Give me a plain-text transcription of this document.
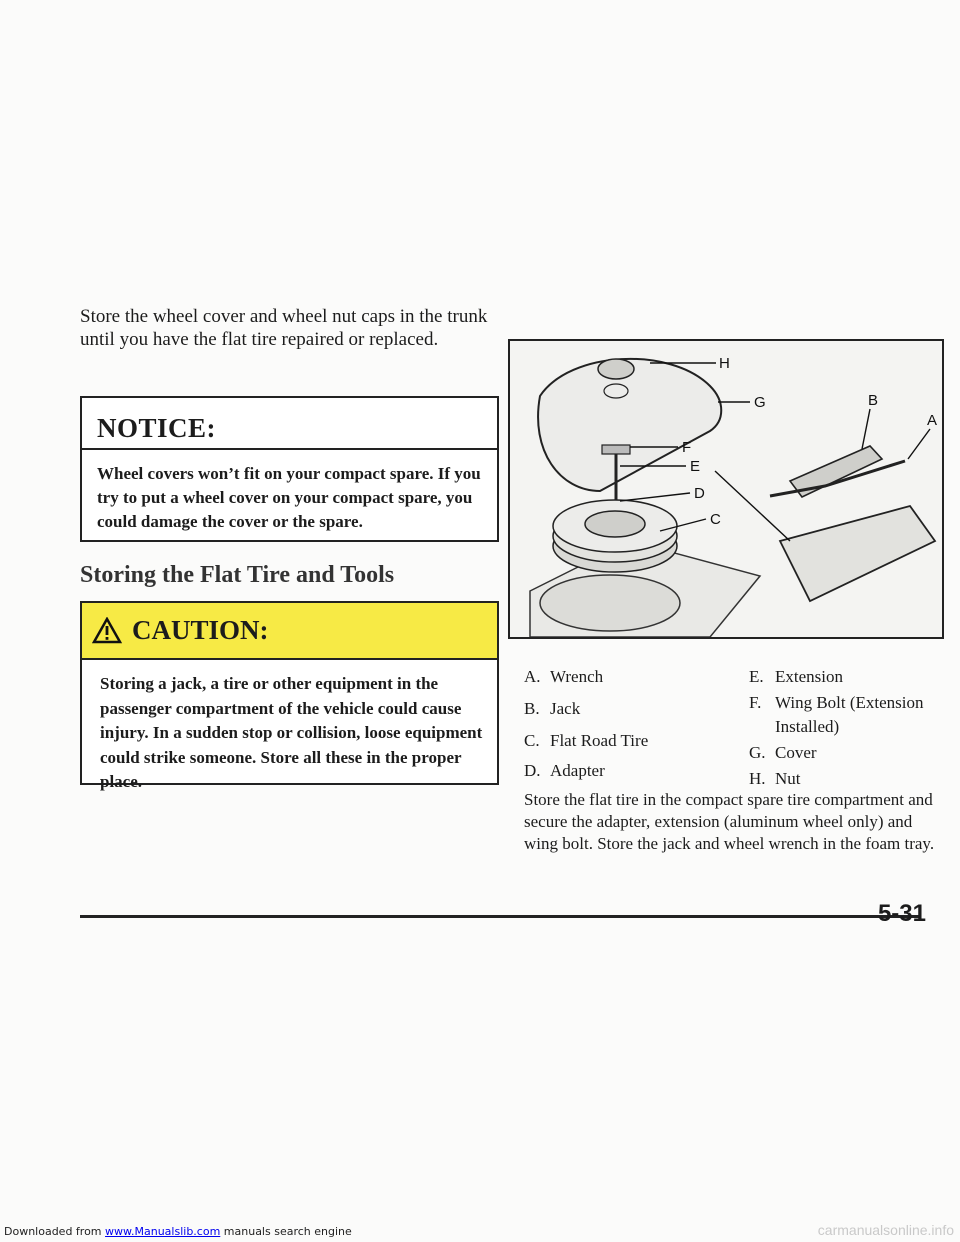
Store the wheel cover and wheel nut caps in the trunk until you have the flat tire repaired or replaced.
NOTICE:
Wheel covers won’t fit on your compact spare. If you try to put a wheel cover on your compact spare, you could damage the cover or the spare.
Storing the Flat Tire and Tools
CAUTION:
Storing a jack, a tire or other equipment in the passenger compartment of the vehicle could cause injury. In a sudden stop or collision, loose equipment could strike someone. Store all these in the proper place.
H
G	B
A
F
E
D
C
A. Wrench
B. Jack
C. Flat Road Tire
D. Adapter
E. Extension
F. Wing Bolt (Extension Installed)
G. Cover
H. Nut
Store the flat tire in the compact spare tire compartment and secure the adapter, extension (aluminum wheel only) and wing bolt. Store the jack and wheel wrench in the foam tray.
5-31
Downloaded from www.Manualslib.com manuals search engine	carmanualsonline.info
